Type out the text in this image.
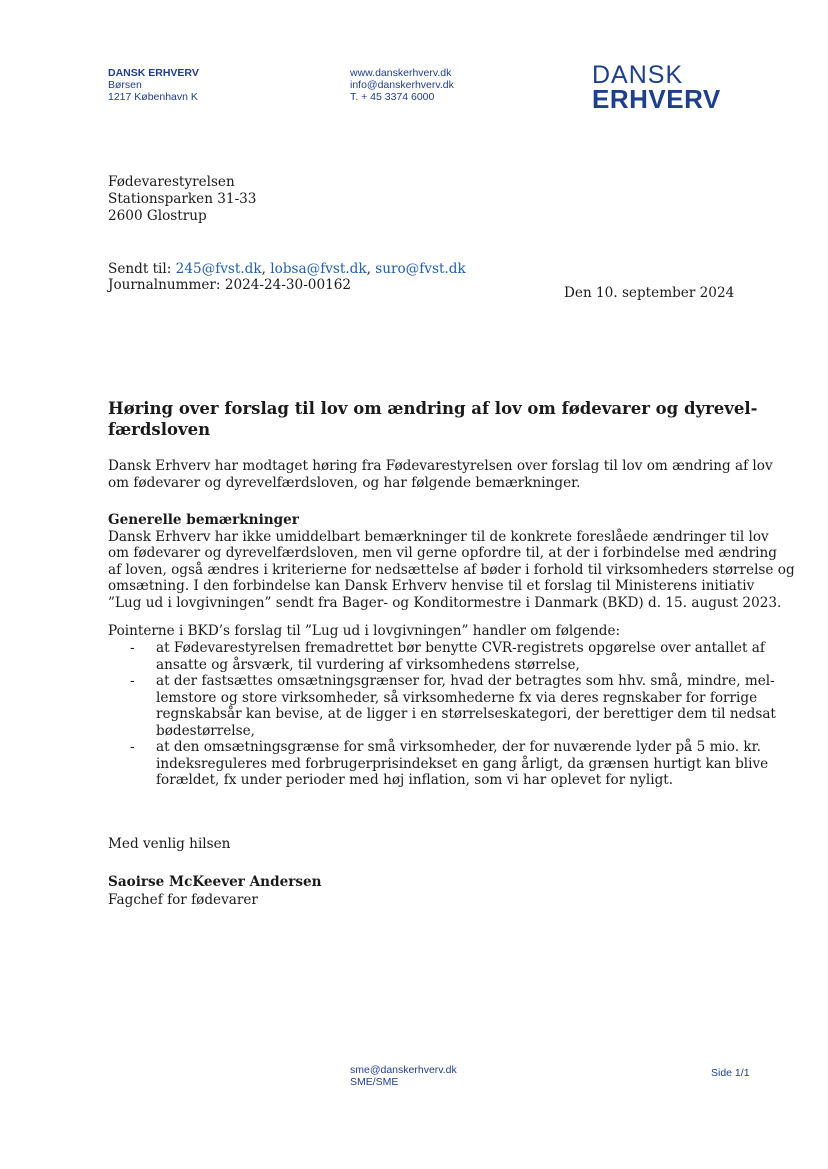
DANSK ERHVERV
Børsen
1217 København K
www.danskerhverv.dk
info@danskerhverv.dk
T. + 45 3374 6000
DANSK
ERHVERV
Fødevarestyrelsen
Stationsparken 31-33
2600 Glostrup
Sendt til: 245@fvst.dk, lobsa@fvst.dk, suro@fvst.dk
Journalnummer: 2024-24-30-00162	Den 10. september 2024
Høring over forslag til lov om ændring af lov om fødevarer og dyrevel-
færdsloven
Dansk Erhverv har modtaget høring fra Fødevarestyrelsen over forslag til lov om ændring af lov
om fødevarer og dyrevelfærdsloven, og har følgende bemærkninger.
Generelle bemærkninger
Dansk Erhverv har ikke umiddelbart bemærkninger til de konkrete foreslåede ændringer til lov
om fødevarer og dyrevelfærdsloven, men vil gerne opfordre til, at der i forbindelse med ændring
af loven, også ændres i kriterierne for nedsættelse af bøder i forhold til virksomheders størrelse og
omsætning. I den forbindelse kan Dansk Erhverv henvise til et forslag til Ministerens initiativ
”Lug ud i lovgivningen” sendt fra Bager- og Konditormestre i Danmark (BKD) d. 15. august 2023.
Pointerne i BKD’s forslag til ”Lug ud i lovgivningen” handler om følgende:
- at Fødevarestyrelsen fremadrettet bør benytte CVR-registrets opgørelse over antallet af
ansatte og årsværk, til vurdering af virksomhedens størrelse,
- at der fastsættes omsætningsgrænser for, hvad der betragtes som hhv. små, mindre, mel-
lemstore og store virksomheder, så virksomhederne fx via deres regnskaber for forrige
regnskabsår kan bevise, at de ligger i en størrelseskategori, der berettiger dem til nedsat
bødestørrelse,
- at den omsætningsgrænse for små virksomheder, der for nuværende lyder på 5 mio. kr.
indeksreguleres med forbrugerprisindekset en gang årligt, da grænsen hurtigt kan blive
forældet, fx under perioder med høj inflation, som vi har oplevet for nyligt.
Med venlig hilsen
Saoirse McKeever Andersen
Fagchef for fødevarer
sme@danskerhverv.dk
SME/SME
Side 1/1
